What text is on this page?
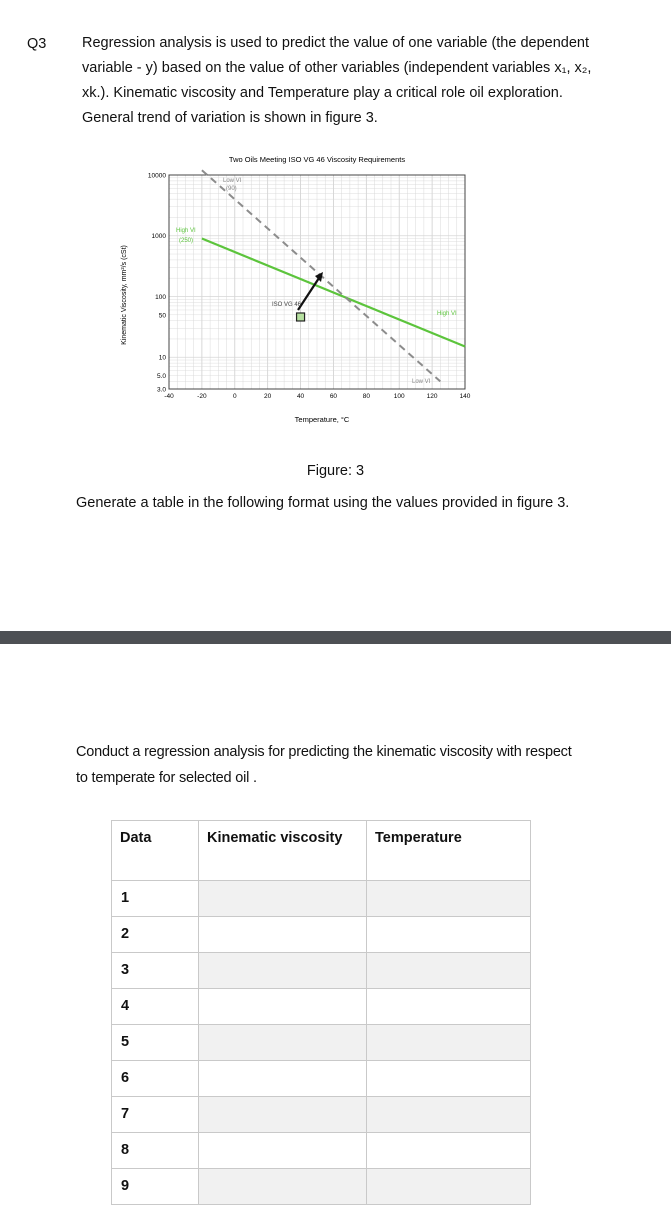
Q3 Regression analysis is used to predict the value of one variable (the dependent

variable - y) based on the value of other variables (independent variables x₁, x₂,

xk.). Kinematic viscosity and Temperature play a critical role oil exploration.

General trend of variation is shown in figure 3.

Two Oils Meeting ISO VG 46 Viscosity Requirements
Temperature, °C
Kinematic Viscosity, mm²/s (cSt)
-40	-20	0	20	40	60	80	100	120	140
10000
1000
100
50
10
5.0
3.0
Low VI
(90)
High VI
(250)
ISO VG 46
High VI
Low VI
Figure: 3
Generate a table in the following format using the values provided in figure 3.

Conduct a regression analysis for predicting the kinematic viscosity with respect

to temperate for selected oil .

Data	Kinematic viscosity	Temperature
1		
2		
3		
4		
5		
6		
7		
8		
9		
